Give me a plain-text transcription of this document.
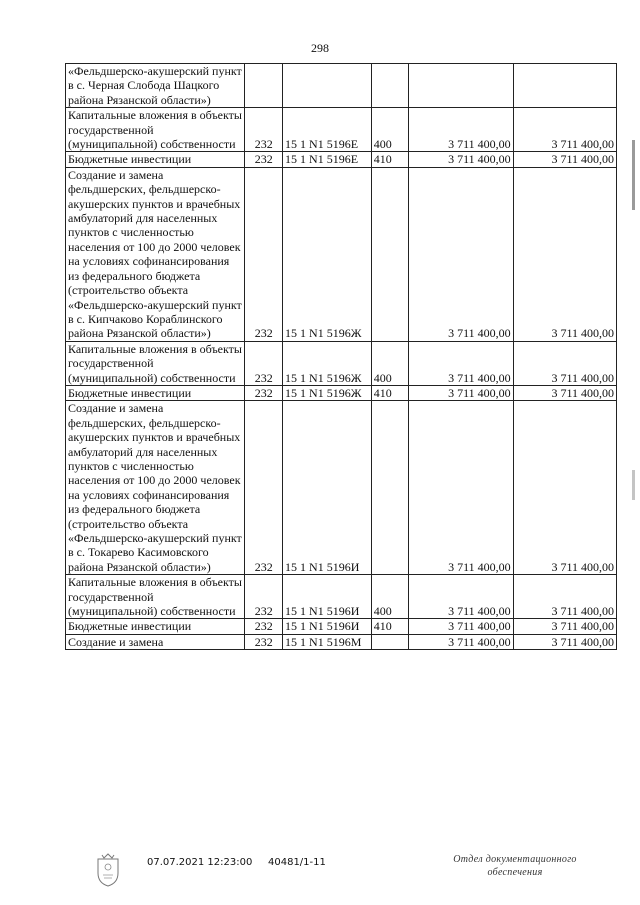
298
«Фельдшерско-акушерский пункт в с. Черная Слобода Шацкого района Рязанской области»)					
Капитальные вложения в объекты государственной (муниципальной) собственности	232	15 1 N1 5196Е	400	3 711 400,00	3 711 400,00
Бюджетные инвестиции	232	15 1 N1 5196Е	410	3 711 400,00	3 711 400,00
Создание и замена фельдшерских, фельдшерско-акушерских пунктов и врачебных амбулаторий для населенных пунктов с численностью населения от 100 до 2000 человек на условиях софинансирования из федерального бюджета (строительство объекта «Фельдшерско-акушерский пункт в с. Кипчаково Кораблинского района Рязанской области»)	232	15 1 N1 5196Ж		3 711 400,00	3 711 400,00
Капитальные вложения в объекты государственной (муниципальной) собственности	232	15 1 N1 5196Ж	400	3 711 400,00	3 711 400,00
Бюджетные инвестиции	232	15 1 N1 5196Ж	410	3 711 400,00	3 711 400,00
Создание и замена фельдшерских, фельдшерско-акушерских пунктов и врачебных амбулаторий для населенных пунктов с численностью населения от 100 до 2000 человек на условиях софинансирования из федерального бюджета (строительство объекта «Фельдшерско-акушерский пункт в с. Токарево Касимовского района Рязанской области»)	232	15 1 N1 5196И		3 711 400,00	3 711 400,00
Капитальные вложения в объекты государственной (муниципальной) собственности	232	15 1 N1 5196И	400	3 711 400,00	3 711 400,00
Бюджетные инвестиции	232	15 1 N1 5196И	410	3 711 400,00	3 711 400,00
Создание и замена	232	15 1 N1 5196М		3 711 400,00	3 711 400,00
07.07.2021 12:23:00 40481/1-11	Отдел документационного обеспечения
